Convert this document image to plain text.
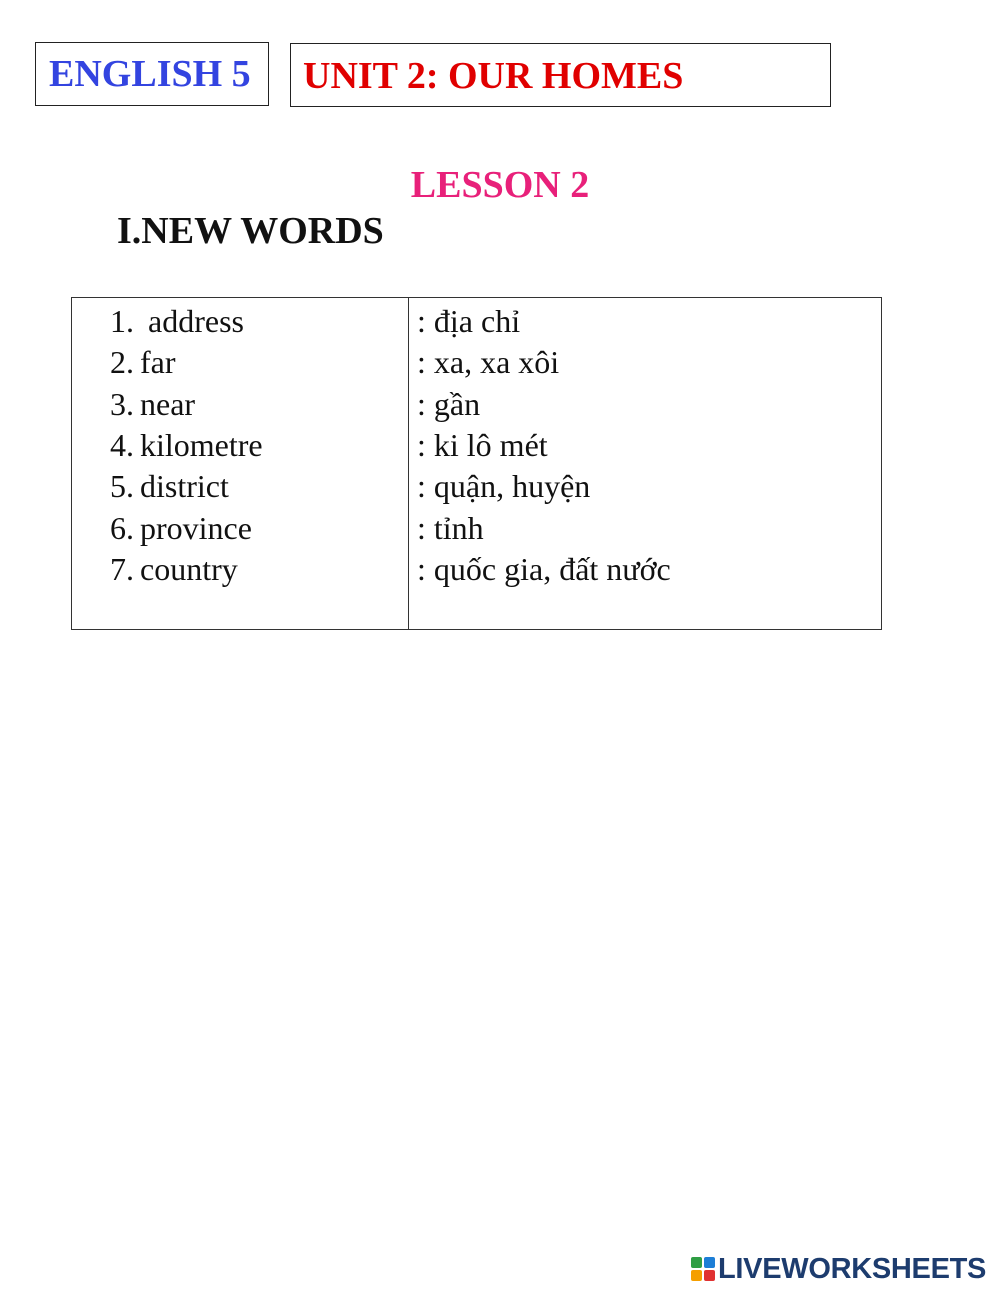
ENGLISH 5	UNIT 2: OUR HOMES
LESSON 2
I.NEW WORDS
1. address	: địa chỉ
2. far	: xa, xa xôi
3. near	: gần
4. kilometre	: ki lô mét
5. district	: quận, huyện
6. province	: tỉnh
7. country	: quốc gia, đất nước
LIVEWORKSHEETS
